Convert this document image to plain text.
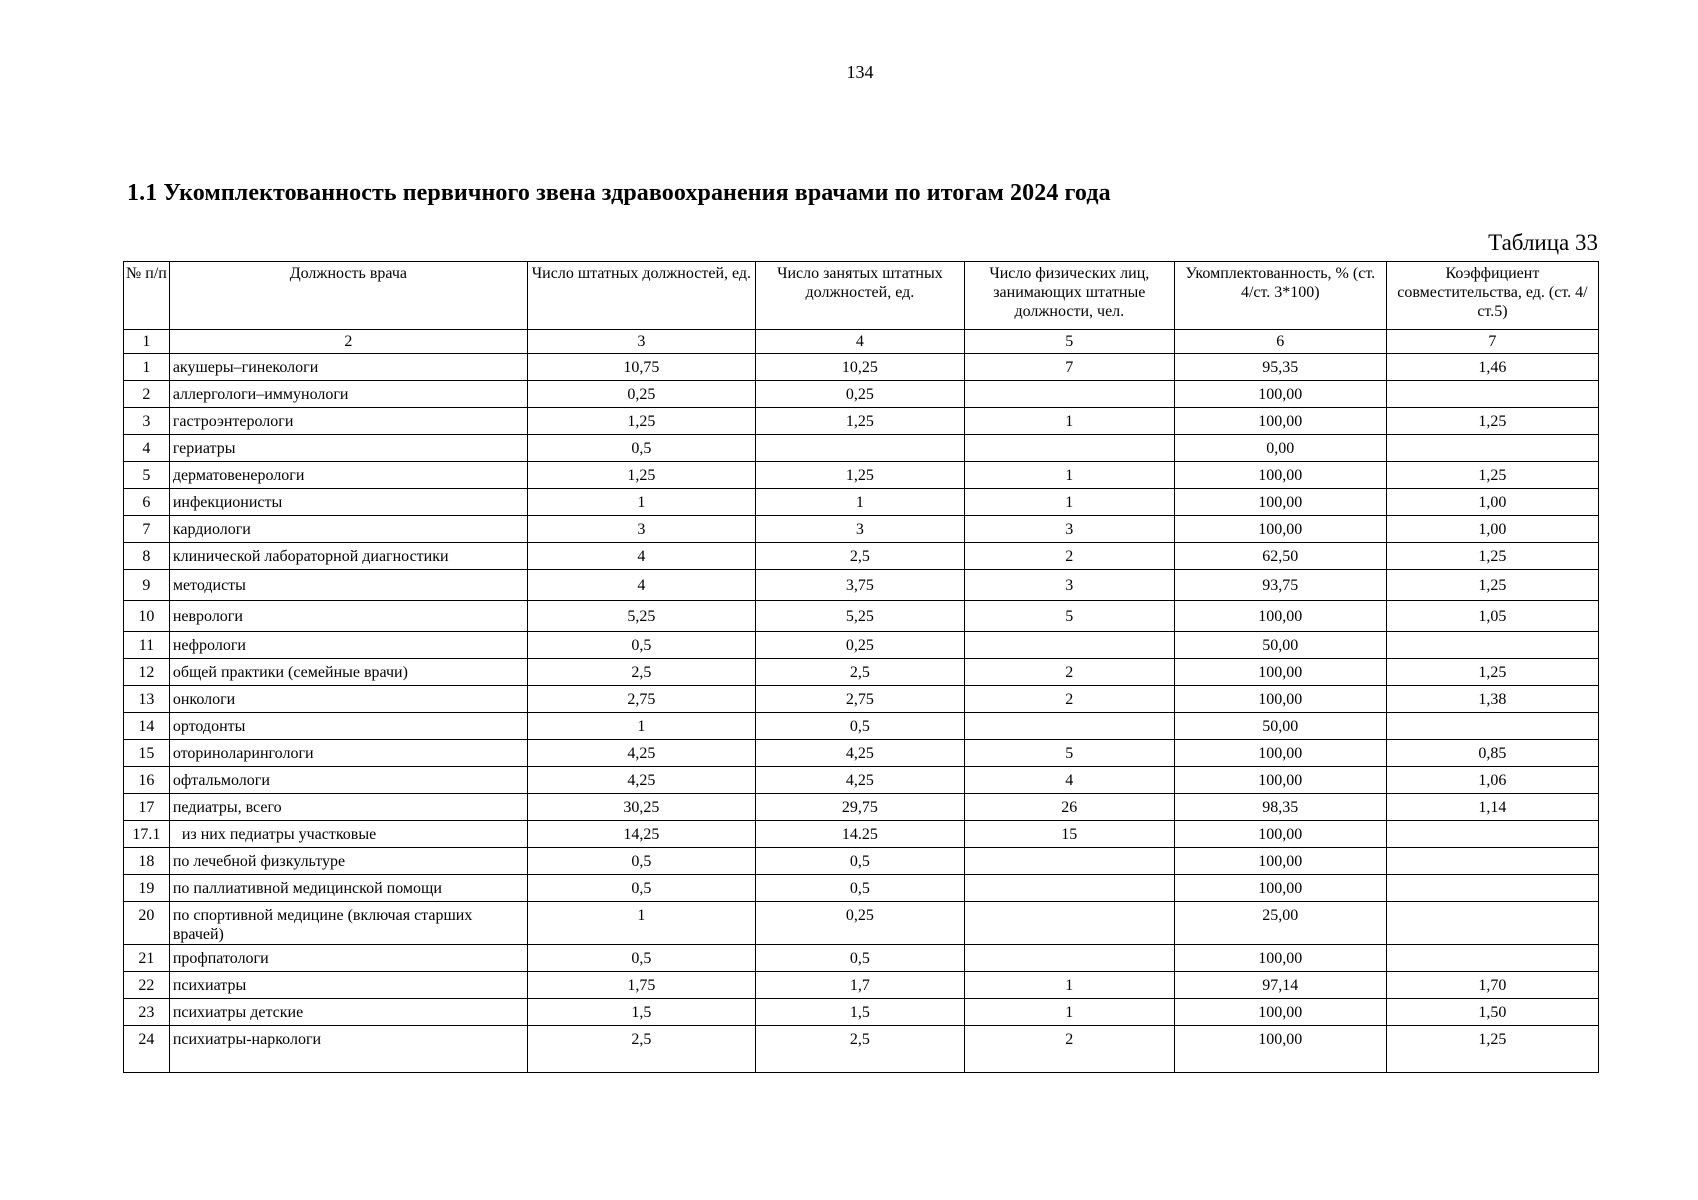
134
1.1 Укомплектованность первичного звена здравоохранения врачами по итогам 2024 года
Таблица 33
№ п/п	Должность врача	Число штатных должностей, ед.	Число занятых штатных должностей, ед.	Число физических лиц, занимающих штатные должности, чел.	Укомплектованность, % (ст. 4/ст. 3*100)	Коэффициент совместительства, ед. (ст. 4/ст.5)
1	2	3	4	5	6	7
1	акушеры–гинекологи	10,75	10,25	7	95,35	1,46
2	аллергологи–иммунологи	0,25	0,25		100,00	
3	гастроэнтерологи	1,25	1,25	1	100,00	1,25
4	гериатры	0,5			0,00	
5	дерматовенерологи	1,25	1,25	1	100,00	1,25
6	инфекционисты	1	1	1	100,00	1,00
7	кардиологи	3	3	3	100,00	1,00
8	клинической лабораторной диагностики	4	2,5	2	62,50	1,25
9	методисты	4	3,75	3	93,75	1,25
10	неврологи	5,25	5,25	5	100,00	1,05
11	нефрологи	0,5	0,25		50,00	
12	общей практики (семейные врачи)	2,5	2,5	2	100,00	1,25
13	онкологи	2,75	2,75	2	100,00	1,38
14	ортодонты	1	0,5		50,00	
15	оториноларингологи	4,25	4,25	5	100,00	0,85
16	офтальмологи	4,25	4,25	4	100,00	1,06
17	педиатры, всего	30,25	29,75	26	98,35	1,14
17.1	из них педиатры участковые	14,25	14.25	15	100,00	
18	по лечебной физкультуре	0,5	0,5		100,00	
19	по паллиативной медицинской помощи	0,5	0,5		100,00	
20	по спортивной медицине (включая старших врачей)	1	0,25		25,00	
21	профпатологи	0,5	0,5		100,00	
22	психиатры	1,75	1,7	1	97,14	1,70
23	психиатры детские	1,5	1,5	1	100,00	1,50
24	психиатры-наркологи	2,5	2,5	2	100,00	1,25
